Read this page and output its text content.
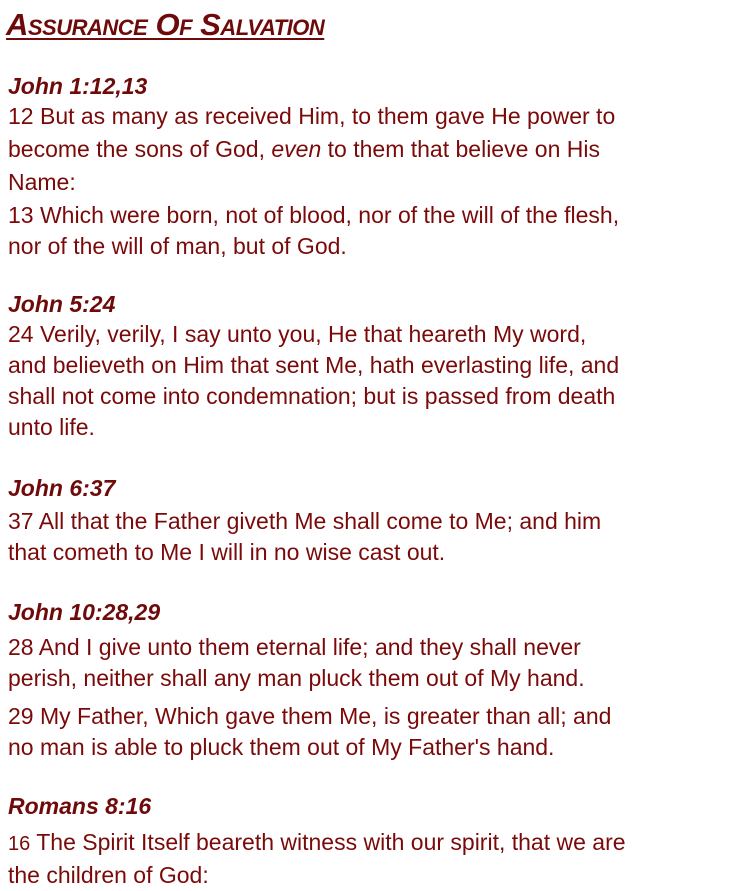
Assurance Of Salvation
John 1:12,13
12 But as many as received Him, to them gave He power to
become the sons of God, even to them that believe on His
Name:
13 Which were born, not of blood, nor of the will of the flesh,
nor of the will of man, but of God.
John 5:24
24 Verily, verily, I say unto you, He that heareth My word,
and believeth on Him that sent Me, hath everlasting life, and
shall not come into condemnation; but is passed from death
unto life.
John 6:37
37 All that the Father giveth Me shall come to Me; and him
that cometh to Me I will in no wise cast out.
John 10:28,29
28 And I give unto them eternal life; and they shall never
perish, neither shall any man pluck them out of My hand.
29 My Father, Which gave them Me, is greater than all; and
no man is able to pluck them out of My Father's hand.
Romans 8:16
16 The Spirit Itself beareth witness with our spirit, that we are
the children of God:
